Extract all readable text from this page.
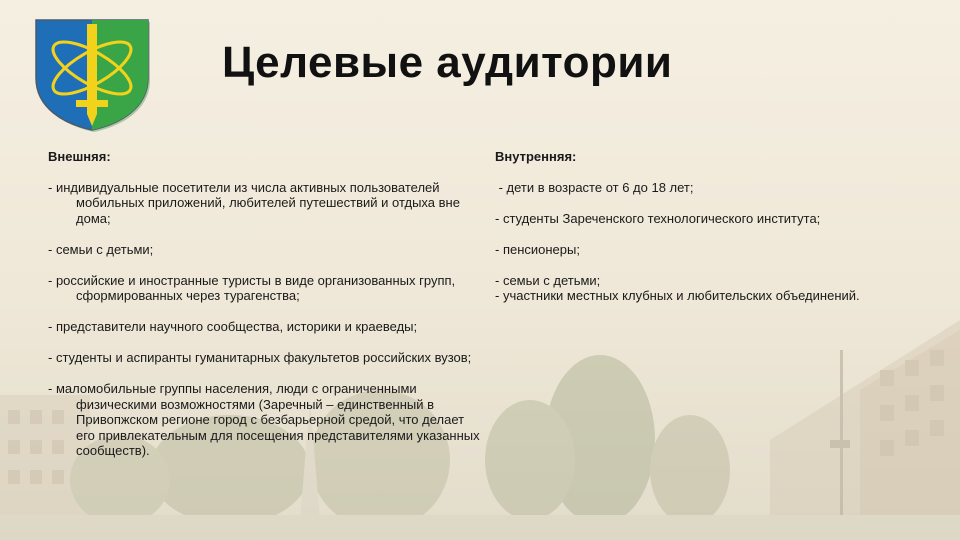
Целевые аудитории
Внешняя:
- индивидуальные посетители из числа активных пользователей мобильных приложений, любителей путешествий и отдыха вне дома;
- семьи с детьми;
- российские и иностранные туристы в виде организованных групп, сформированных через турагенства;
- представители научного сообщества, историки и краеведы;
- студенты и аспиранты гуманитарных факультетов российских вузов;
- маломобильные группы населения, люди с ограниченными физическими возможностями (Заречный – единственный в Привопжском регионе город с безбарьерной средой, что делает его привлекательным для посещения представителями указанных сообществ).
Внутренняя:
- дети в возрасте от 6 до 18 лет;
- студенты Зареченского технологического института;
- пенсионеры;
- семьи с детьми;
- участники местных клубных и любительских объединений.
